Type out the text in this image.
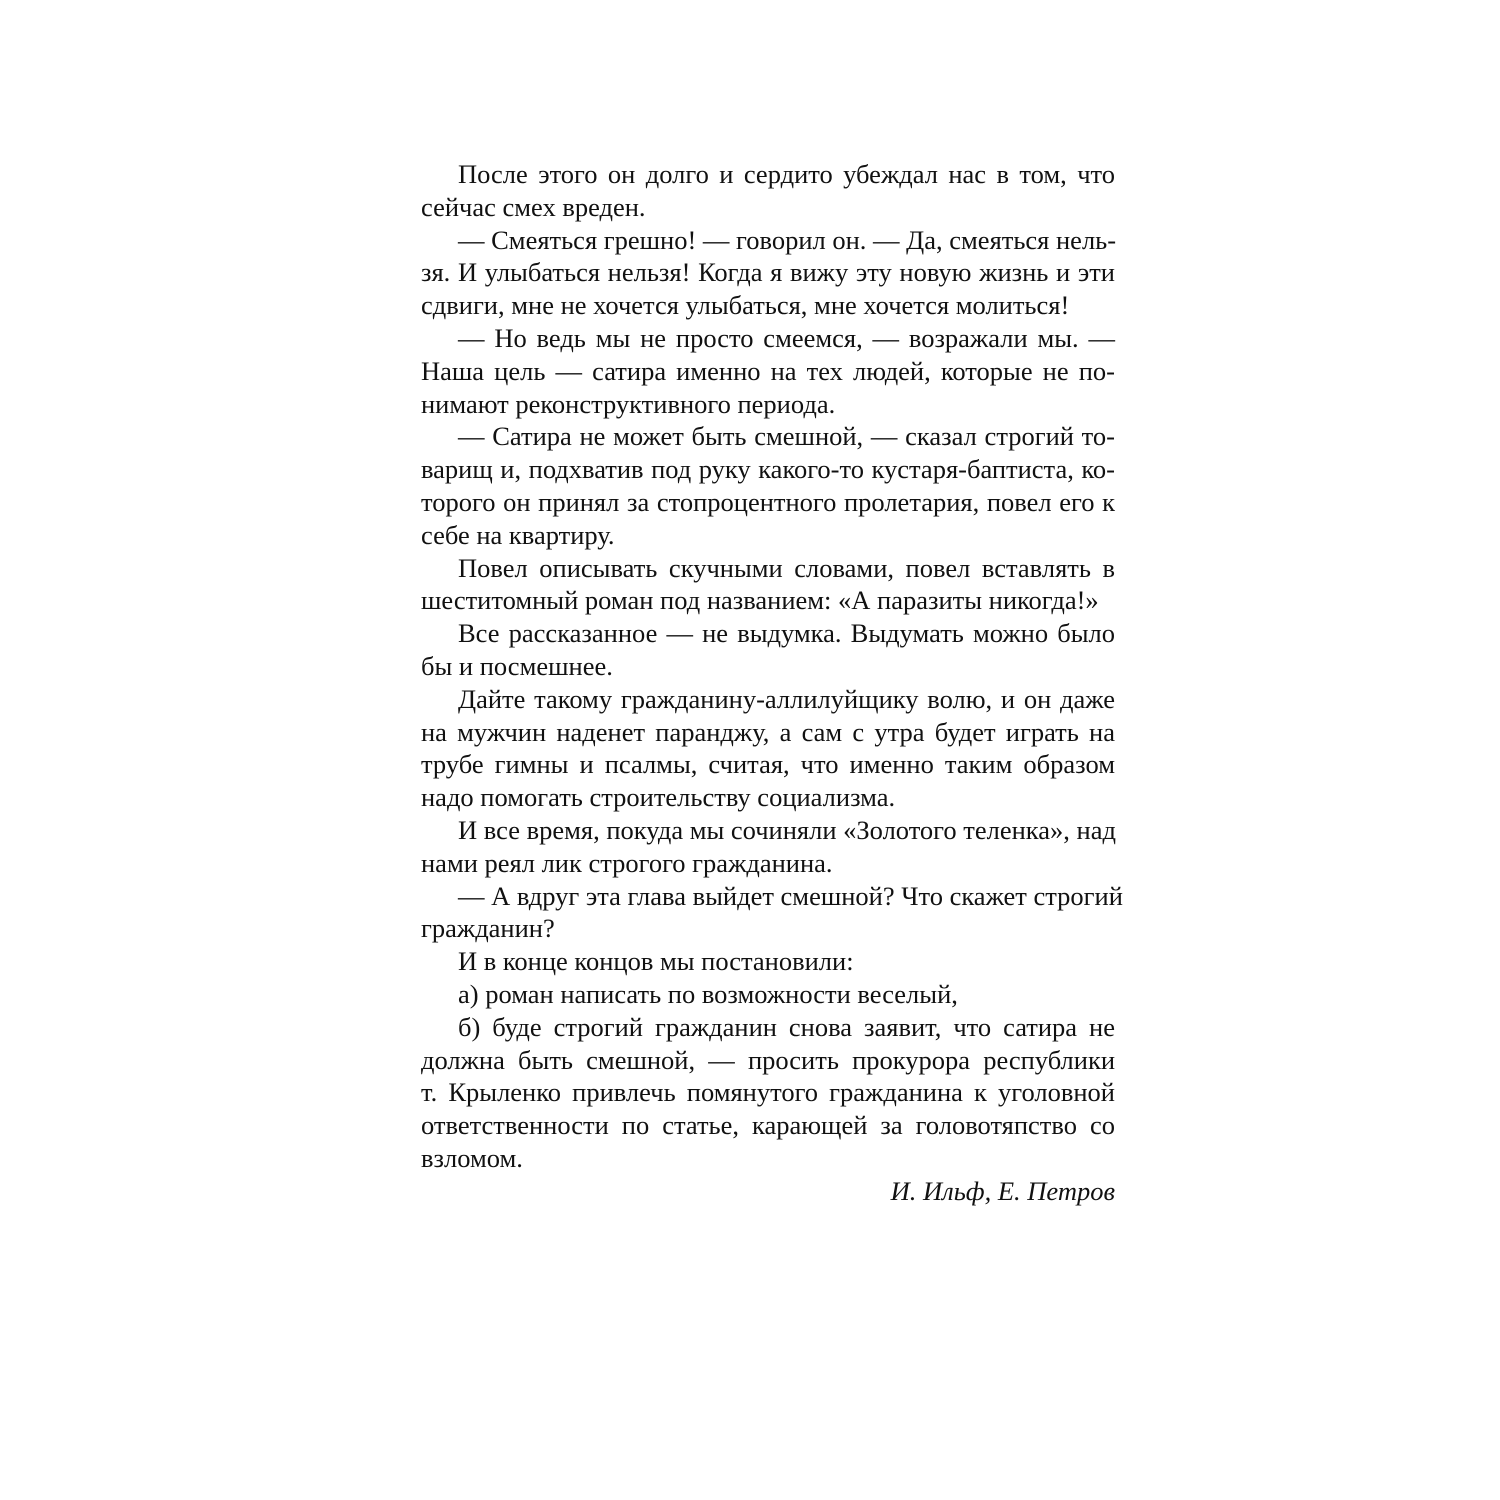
После этого он долго и сердито убеждал нас в том, что
сейчас смех вреден.
— Смеяться грешно! — говорил он. — Да, смеяться нель-
зя. И улыбаться нельзя! Когда я вижу эту новую жизнь и эти
сдвиги, мне не хочется улыбаться, мне хочется молиться!
— Но ведь мы не просто смеемся, — возражали мы. —
Наша цель — сатира именно на тех людей, которые не по-
нимают реконструктивного периода.
— Сатира не может быть смешной, — сказал строгий то-
варищ и, подхватив под руку какого-то кустаря-баптиста, ко-
торого он принял за стопроцентного пролетария, повел его к
себе на квартиру.
Повел описывать скучными словами, повел вставлять в
шеститомный роман под названием: «А паразиты никогда!»
Все рассказанное — не выдумка. Выдумать можно было
бы и посмешнее.
Дайте такому гражданину-аллилуйщику волю, и он даже
на мужчин наденет паранджу, а сам с утра будет играть на
трубе гимны и псалмы, считая, что именно таким образом
надо помогать строительству социализма.
И все время, покуда мы сочиняли «Золотого теленка», над
нами реял лик строгого гражданина.
— А вдруг эта глава выйдет смешной? Что скажет строгий
гражданин?
И в конце концов мы постановили:
а) роман написать по возможности веселый,
б) буде строгий гражданин снова заявит, что сатира не
должна быть смешной, — просить прокурора республики
т. Крыленко привлечь помянутого гражданина к уголовной
ответственности по статье, карающей за головотяпство со
взломом.
И. Ильф, Е. Петров
